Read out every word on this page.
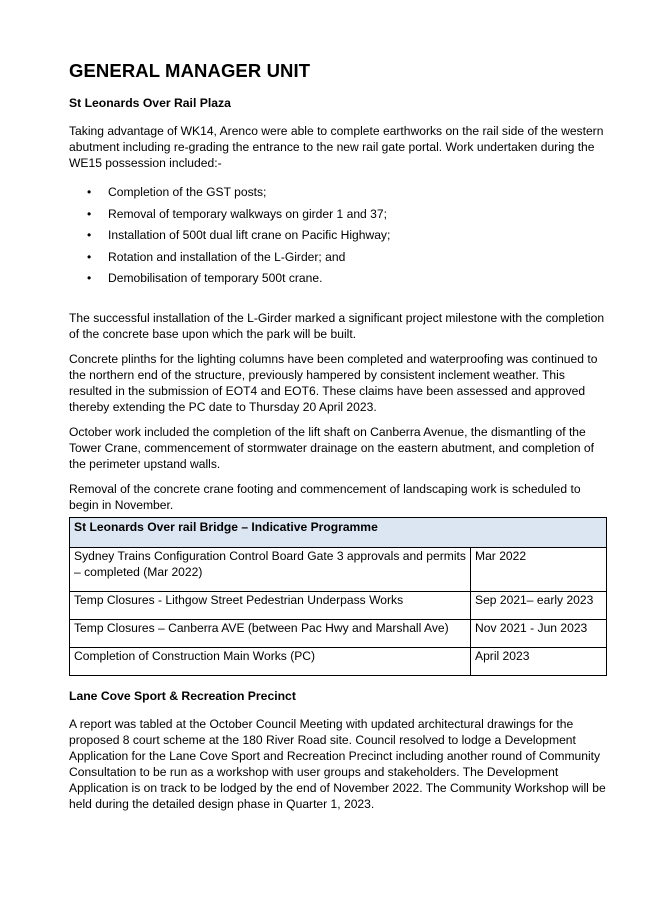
GENERAL MANAGER UNIT
St Leonards Over Rail Plaza

Taking advantage of WK14, Arenco were able to complete earthworks on the rail side of the western abutment including re-grading the entrance to the new rail gate portal. Work undertaken during the WE15 possession included:-

• Completion of the GST posts;
• Removal of temporary walkways on girder 1 and 37;
• Installation of 500t dual lift crane on Pacific Highway;
• Rotation and installation of the L-Girder; and
• Demobilisation of temporary 500t crane.

The successful installation of the L-Girder marked a significant project milestone with the completion of the concrete base upon which the park will be built.

Concrete plinths for the lighting columns have been completed and waterproofing was continued to the northern end of the structure, previously hampered by consistent inclement weather. This resulted in the submission of EOT4 and EOT6. These claims have been assessed and approved thereby extending the PC date to Thursday 20 April 2023.

October work included the completion of the lift shaft on Canberra Avenue, the dismantling of the Tower Crane, commencement of stormwater drainage on the eastern abutment, and completion of the perimeter upstand walls.

Removal of the concrete crane footing and commencement of landscaping work is scheduled to begin in November.

St Leonards Over rail Bridge – Indicative Programme	
Sydney Trains Configuration Control Board Gate 3 approvals and permits – completed (Mar 2022)	Mar 2022
Temp Closures - Lithgow Street Pedestrian Underpass Works	Sep 2021– early 2023
Temp Closures – Canberra AVE (between Pac Hwy and Marshall Ave)	Nov 2021 - Jun 2023
Completion of Construction Main Works (PC)	April 2023
Lane Cove Sport & Recreation Precinct

A report was tabled at the October Council Meeting with updated architectural drawings for the proposed 8 court scheme at the 180 River Road site. Council resolved to lodge a Development Application for the Lane Cove Sport and Recreation Precinct including another round of Community Consultation to be run as a workshop with user groups and stakeholders. The Development Application is on track to be lodged by the end of November 2022. The Community Workshop will be held during the detailed design phase in Quarter 1, 2023.
